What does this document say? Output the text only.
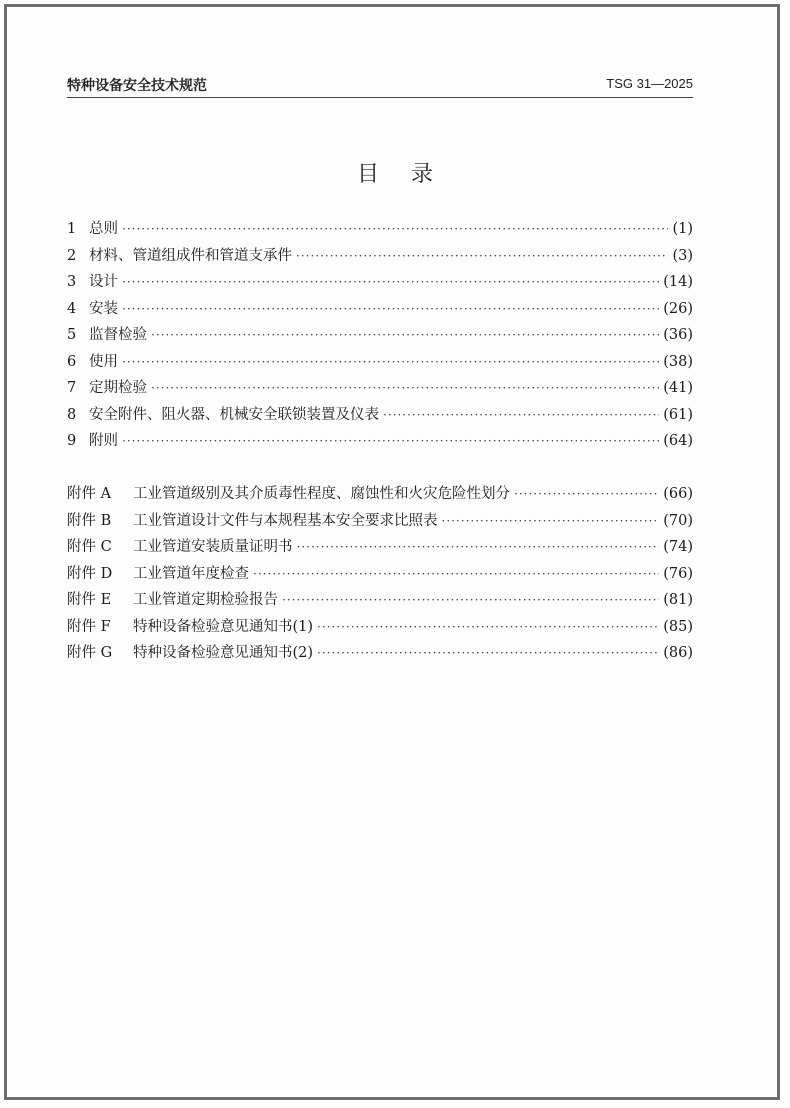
特种设备安全技术规范	TSG 31—2025
目录
1 总则 ·····	(1)
2 材料、管道组成件和管道支承件 ·····	(3)
3 设计 ·····	(14)
4 安装 ·····	(26)
5 监督检验 ·····	(36)
6 使用 ·····	(38)
7 定期检验 ·····	(41)
8 安全附件、阻火器、机械安全联锁装置及仪表 ·····	(61)
9 附则 ·····	(64)
附件 A	工业管道级别及其介质毒性程度、腐蚀性和火灾危险性划分 ·····	(66)
附件 B	工业管道设计文件与本规程基本安全要求比照表 ·····	(70)
附件 C	工业管道安装质量证明书 ·····	(74)
附件 D	工业管道年度检查 ·····	(76)
附件 E	工业管道定期检验报告 ·····	(81)
附件 F	特种设备检验意见通知书(1) ·····	(85)
附件 G	特种设备检验意见通知书(2) ·····	(86)
